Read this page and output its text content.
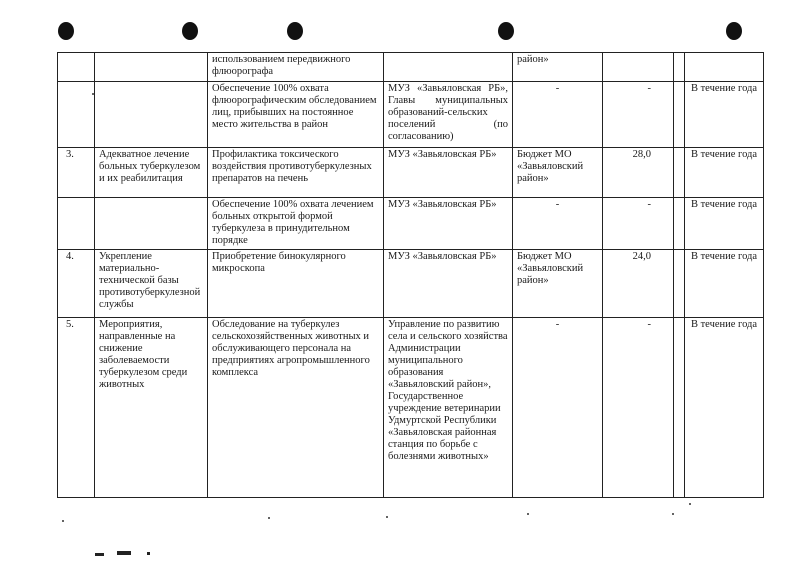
		использованием передвижного флюорографа		район»			
		Обеспечение 100% охвата флюорографическим обследованием лиц, прибывших на постоянное место жительства в район	МУЗ «Завьяловская РБ», Главы муниципальных образований-сельских поселений (по согласованию)	-	-		В течение года
3.	Адекватное лечение больных туберкулезом и их реабилитация	Профилактика токсического воздействия противотуберкулезных препаратов на печень	МУЗ «Завьяловская РБ»	Бюджет МО «Завьяловский район»	28,0		В течение года
		Обеспечение 100% охвата лечением больных открытой формой туберкулеза в принудительном порядке	МУЗ «Завьяловская РБ»	-	-		В течение года
4.	Укрепление материально-технической базы противотуберкулезной службы	Приобретение бинокулярного микроскопа	МУЗ «Завьяловская РБ»	Бюджет МО «Завьяловский район»	24,0		В течение года
5.	Мероприятия, направленные на снижение заболеваемости туберкулезом среди животных	Обследование на туберкулез сельскохозяйственных животных и обслуживающего персонала на предприятиях агропромышленного комплекса	Управление по развитию села и сельского хозяйства Администрации муниципального образования «Завьяловский район», Государственное учреждение ветеринарии Удмуртской Республики «Завьяловская районная станция по борьбе с болезнями животных»	-	-		В течение года
